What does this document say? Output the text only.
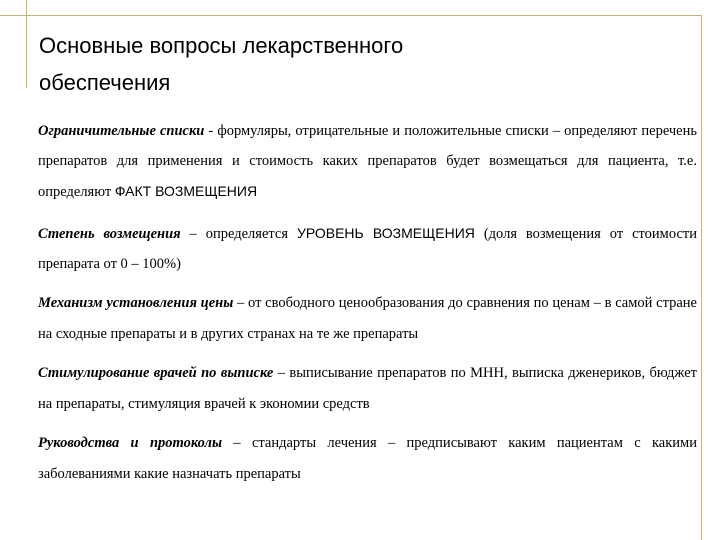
Основные вопросы лекарственного
обеспечения
Ограничительные списки - формуляры, отрицательные и положительные списки – определяют перечень препаратов для применения и стоимость каких препаратов будет возмещаться для пациента, т.е. определяют ФАКТ ВОЗМЕЩЕНИЯ
Степень возмещения – определяется УРОВЕНЬ ВОЗМЕЩЕНИЯ (доля возмещения от стоимости препарата от 0 – 100%)
Механизм установления цены – от свободного ценообразования до сравнения по ценам – в самой стране на сходные препараты и в других странах на те же препараты
Стимулирование врачей по выписке – выписывание препаратов по МНН, выписка дженериков, бюджет на препараты, стимуляция врачей к экономии средств
Руководства и протоколы – стандарты лечения – предписывают каким пациентам с какими заболеваниями какие назначать препараты
